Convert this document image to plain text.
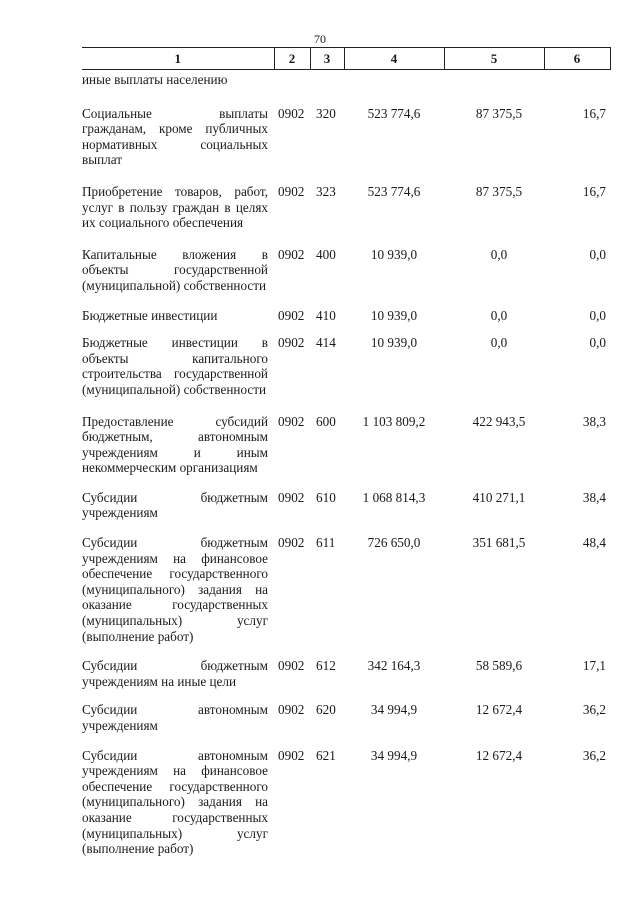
70
1	2	3	4	5	6
иные выплаты населению					
Социальные выплаты гражданам, кроме публичных нормативных социальных выплат	0902	320	523 774,6	87 375,5	16,7
Приобретение товаров, работ, услуг в пользу граждан в целях их социального обеспечения	0902	323	523 774,6	87 375,5	16,7
Капитальные вложения в объекты государственной (муниципальной) собственности	0902	400	10 939,0	0,0	0,0
Бюджетные инвестиции	0902	410	10 939,0	0,0	0,0
Бюджетные инвестиции в объекты капитального строительства государственной (муниципальной) собственности	0902	414	10 939,0	0,0	0,0
Предоставление субсидий бюджетным, автономным учреждениям и иным некоммерческим организациям	0902	600	1 103 809,2	422 943,5	38,3
Субсидии бюджетным учреждениям	0902	610	1 068 814,3	410 271,1	38,4
Субсидии бюджетным учреждениям на финансовое обеспечение государственного (муниципального) задания на оказание государственных (муниципальных) услуг (выполнение работ)	0902	611	726 650,0	351 681,5	48,4
Субсидии бюджетным учреждениям на иные цели	0902	612	342 164,3	58 589,6	17,1
Субсидии автономным учреждениям	0902	620	34 994,9	12 672,4	36,2
Субсидии автономным учреждениям на финансовое обеспечение государственного (муниципального) задания на оказание государственных (муниципальных) услуг (выполнение работ)	0902	621	34 994,9	12 672,4	36,2
